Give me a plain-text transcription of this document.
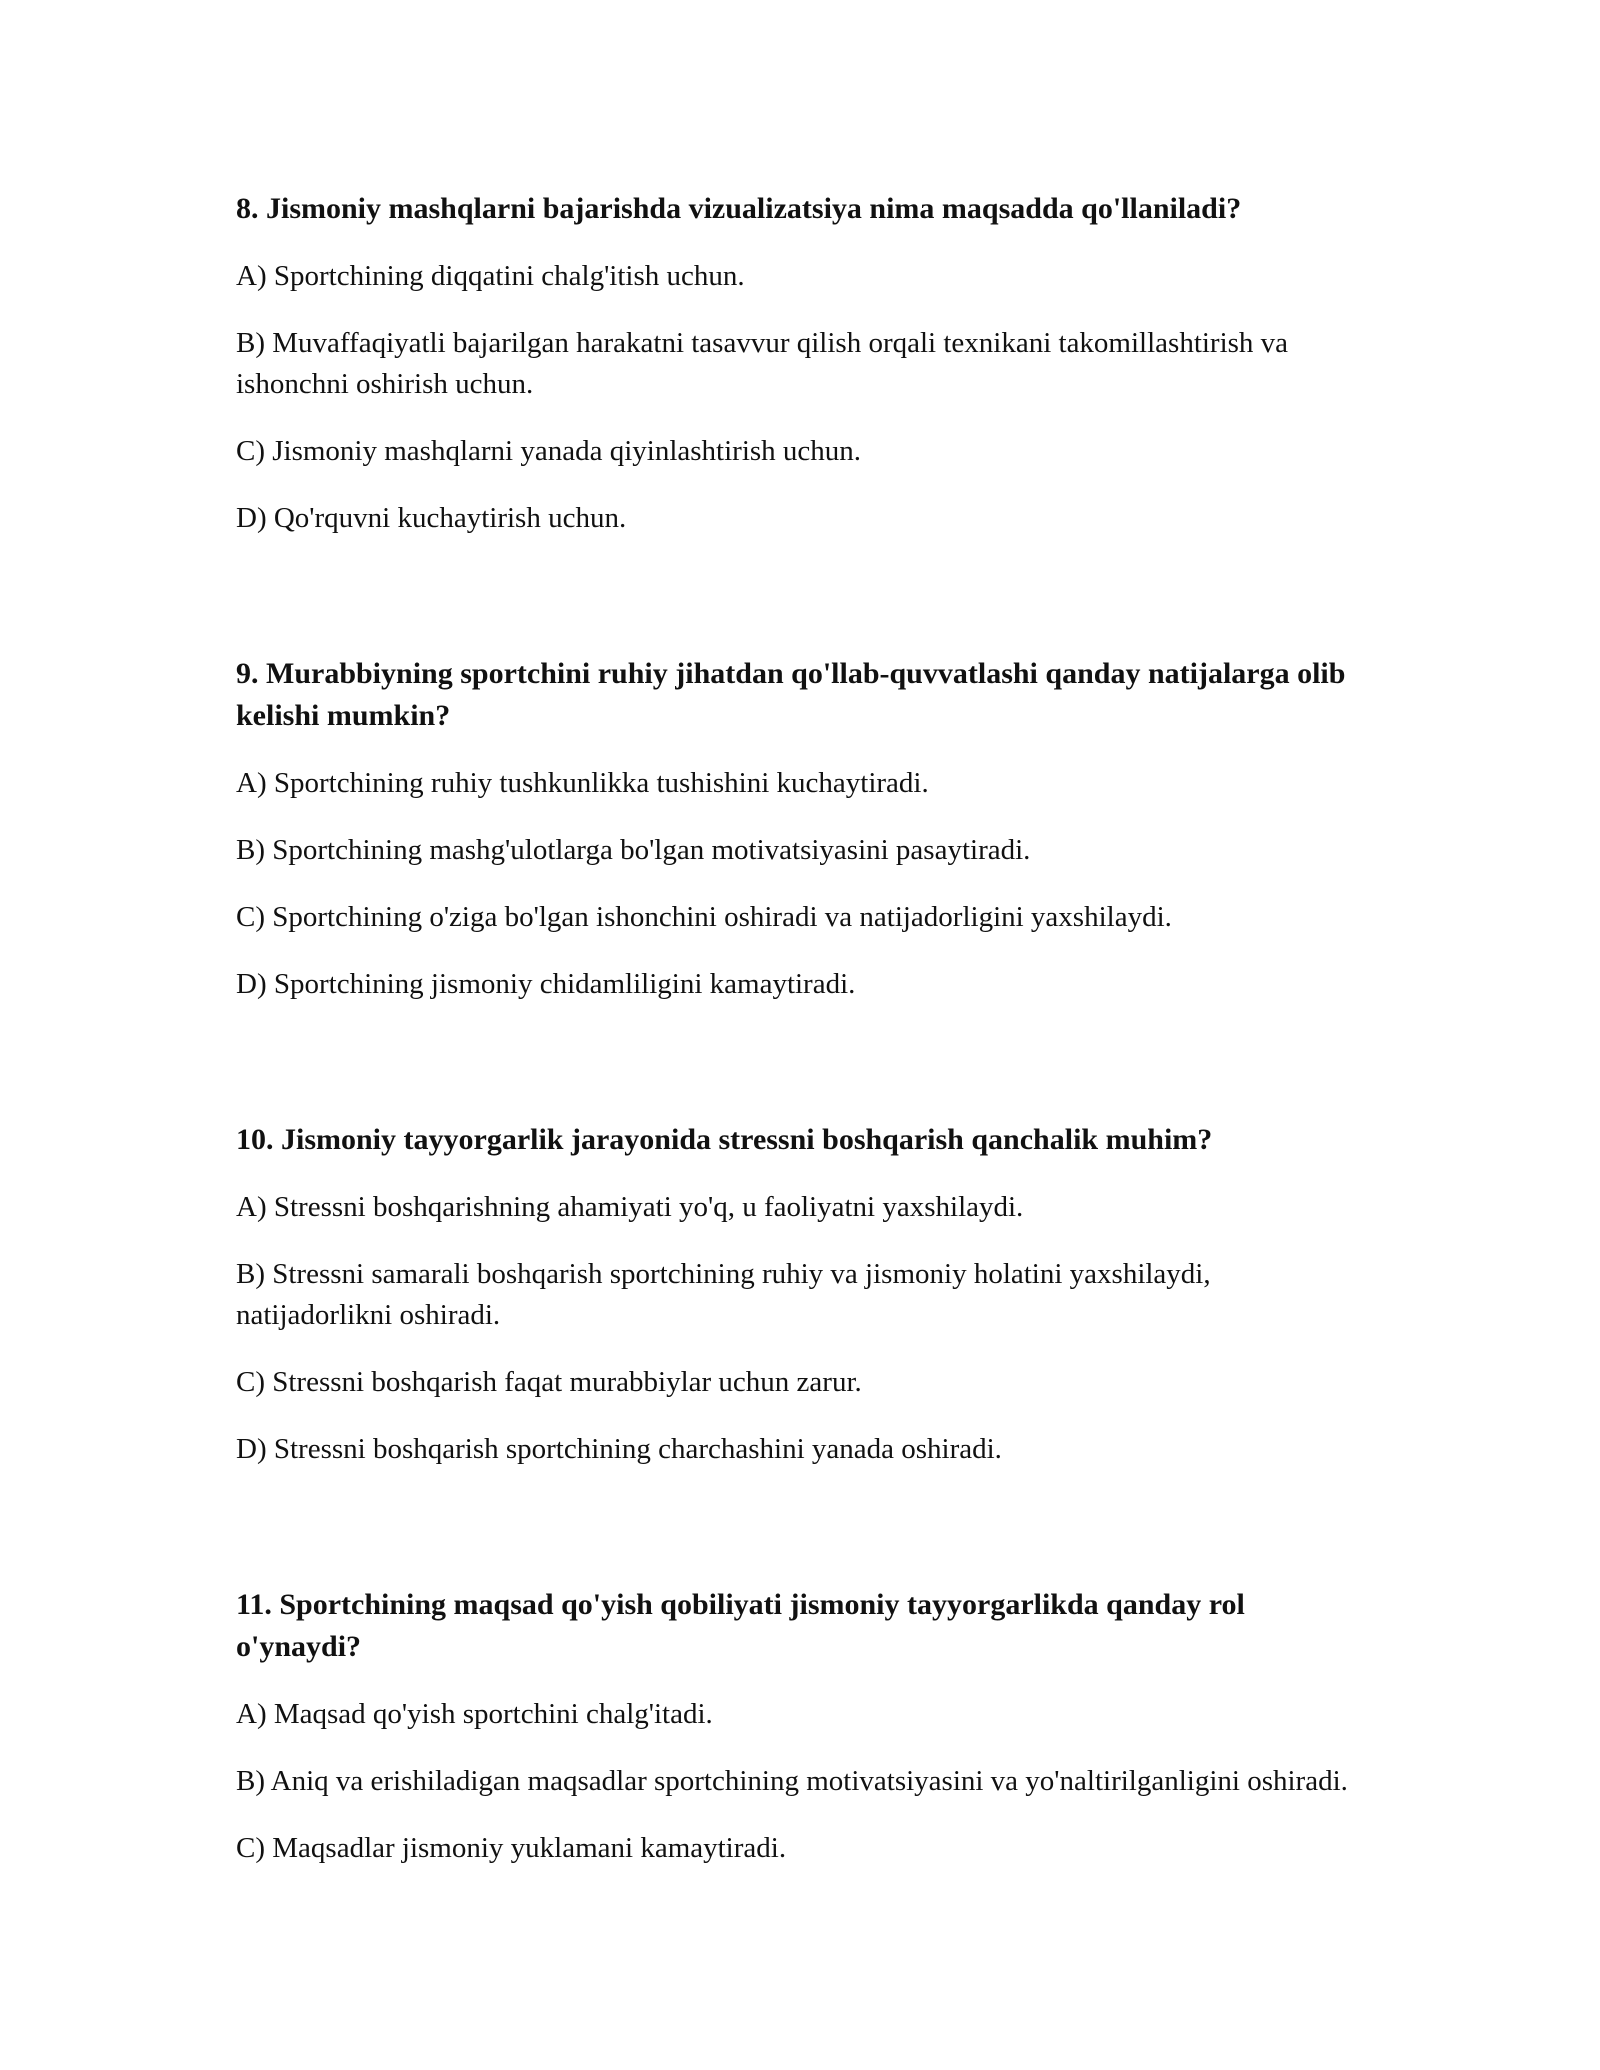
8. Jismoniy mashqlarni bajarishda vizualizatsiya nima maqsadda qo'llaniladi?

A) Sportchining diqqatini chalg'itish uchun.

B) Muvaffaqiyatli bajarilgan harakatni tasavvur qilish orqali texnikani takomillashtirish va ishonchni oshirish uchun.

C) Jismoniy mashqlarni yanada qiyinlashtirish uchun.

D) Qo'rquvni kuchaytirish uchun.

9. Murabbiyning sportchini ruhiy jihatdan qo'llab-quvvatlashi qanday natijalarga olib kelishi mumkin?

A) Sportchining ruhiy tushkunlikka tushishini kuchaytiradi.

B) Sportchining mashg'ulotlarga bo'lgan motivatsiyasini pasaytiradi.

C) Sportchining o'ziga bo'lgan ishonchini oshiradi va natijadorligini yaxshilaydi.

D) Sportchining jismoniy chidamliligini kamaytiradi.

10. Jismoniy tayyorgarlik jarayonida stressni boshqarish qanchalik muhim?

A) Stressni boshqarishning ahamiyati yo'q, u faoliyatni yaxshilaydi.

B) Stressni samarali boshqarish sportchining ruhiy va jismoniy holatini yaxshilaydi, natijadorlikni oshiradi.

C) Stressni boshqarish faqat murabbiylar uchun zarur.

D) Stressni boshqarish sportchining charchashini yanada oshiradi.

11. Sportchining maqsad qo'yish qobiliyati jismoniy tayyorgarlikda qanday rol o'ynaydi?

A) Maqsad qo'yish sportchini chalg'itadi.

B) Aniq va erishiladigan maqsadlar sportchining motivatsiyasini va yo'naltirilganligini oshiradi.

C) Maqsadlar jismoniy yuklamani kamaytiradi.
